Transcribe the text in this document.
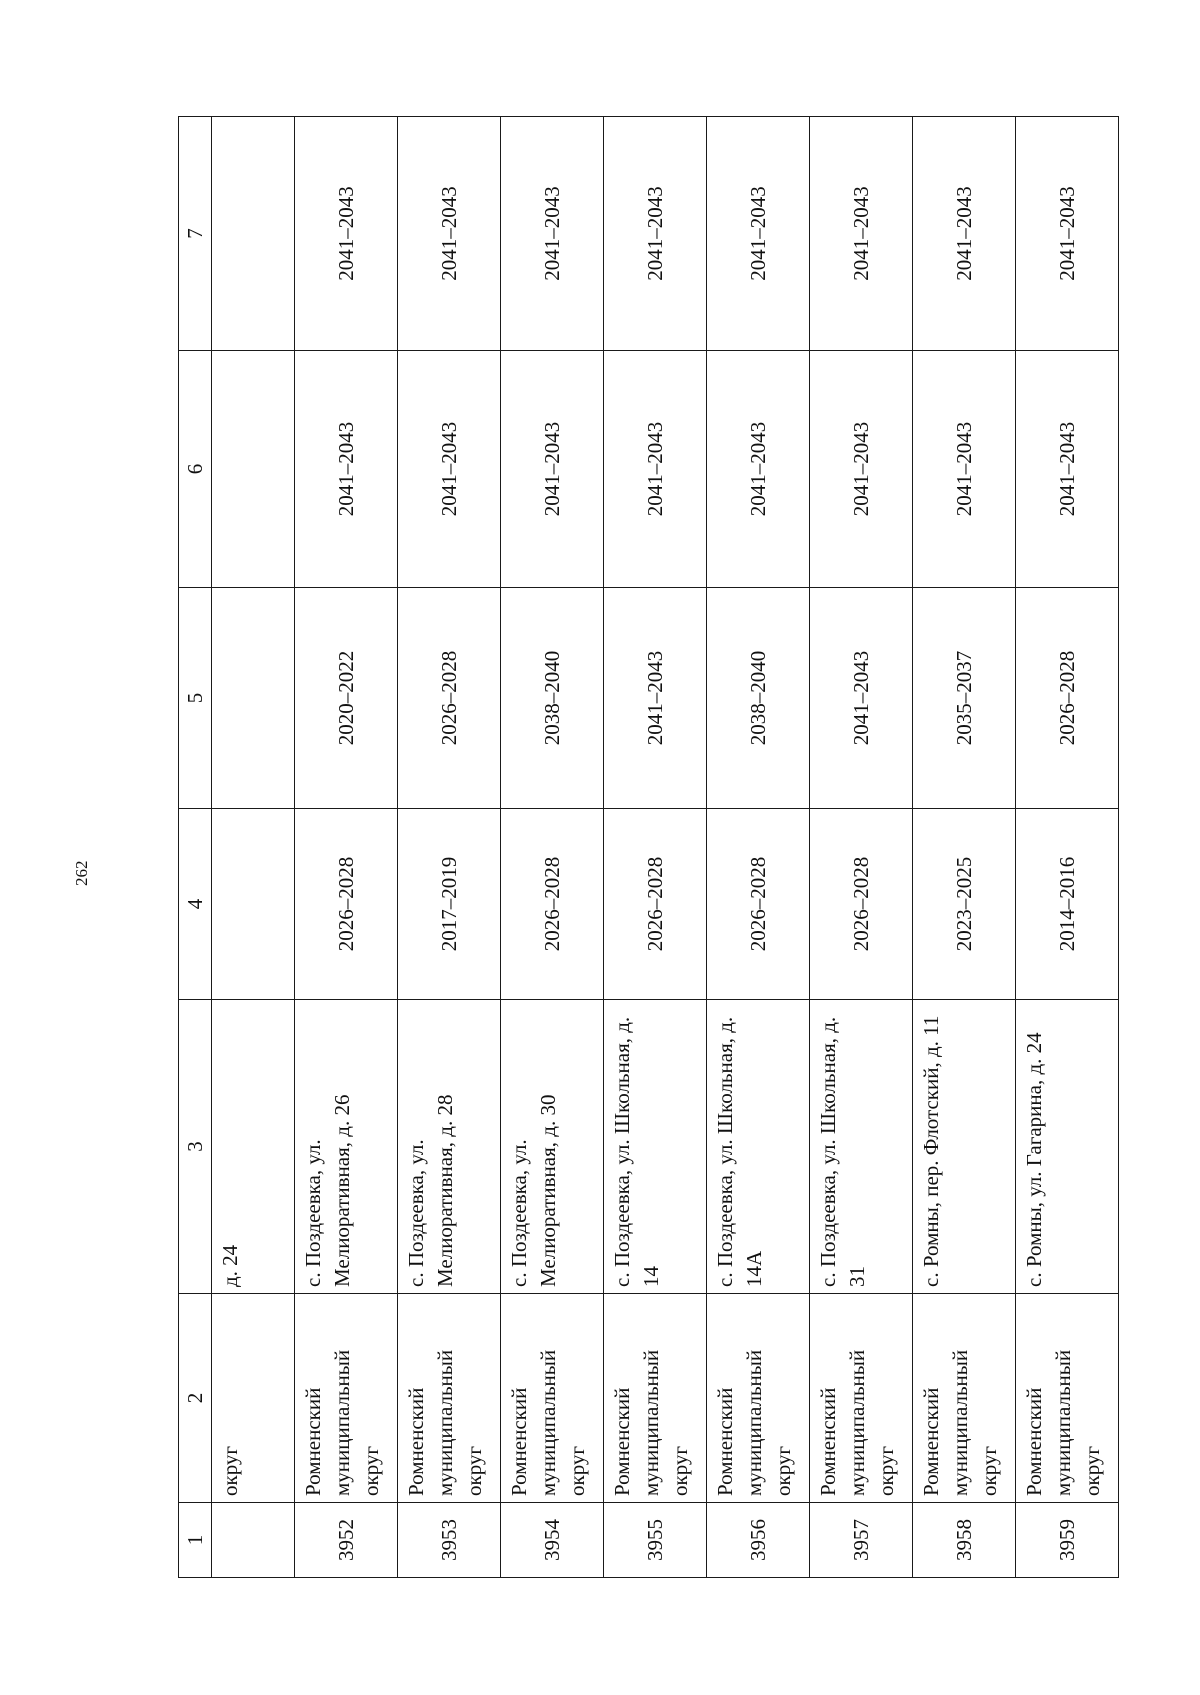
262
1	2	3	4	5	6	7
	округ	д. 24				
3952	Ромненский муниципальный округ	с. Поздеевка, ул. Мелиоративная, д. 26	2026–2028	2020–2022	2041–2043	2041–2043
3953	Ромненский муниципальный округ	с. Поздеевка, ул. Мелиоративная, д. 28	2017–2019	2026–2028	2041–2043	2041–2043
3954	Ромненский муниципальный округ	с. Поздеевка, ул. Мелиоративная, д. 30	2026–2028	2038–2040	2041–2043	2041–2043
3955	Ромненский муниципальный округ	с. Поздеевка, ул. Школьная, д. 14	2026–2028	2041–2043	2041–2043	2041–2043
3956	Ромненский муниципальный округ	с. Поздеевка, ул. Школьная, д. 14А	2026–2028	2038–2040	2041–2043	2041–2043
3957	Ромненский муниципальный округ	с. Поздеевка, ул. Школьная, д. 31	2026–2028	2041–2043	2041–2043	2041–2043
3958	Ромненский муниципальный округ	с. Ромны, пер. Флотский, д. 11	2023–2025	2035–2037	2041–2043	2041–2043
3959	Ромненский муниципальный округ	с. Ромны, ул. Гагарина, д. 24	2014–2016	2026–2028	2041–2043	2041–2043
